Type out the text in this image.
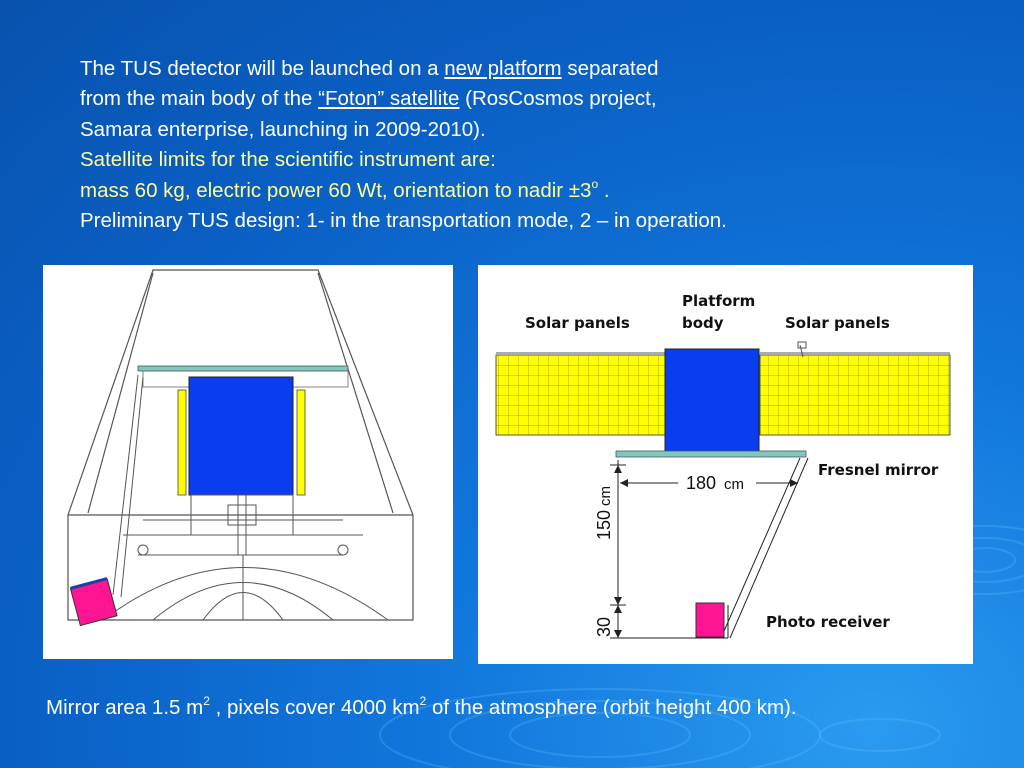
The TUS detector will be launched on a new platform separated
from the main body of the “Foton” satellite (RosCosmos project,
Samara enterprise, launching in 2009-2010).
Satellite limits for the scientific instrument are:
mass 60 kg, electric power 60 Wt, orientation to nadir $\pm 3^o$ .
Preliminary TUS design: 1- in the transportation mode, 2 – in operation.
Solar panels
Platform
body	Solar panels
Fresnel mirror
Photo receiver
180 cm
150
cm
30
Mirror area 1.5 $m^2$ , pixels cover 4000 $km^2$ of the atmosphere (orbit height 400 km).
